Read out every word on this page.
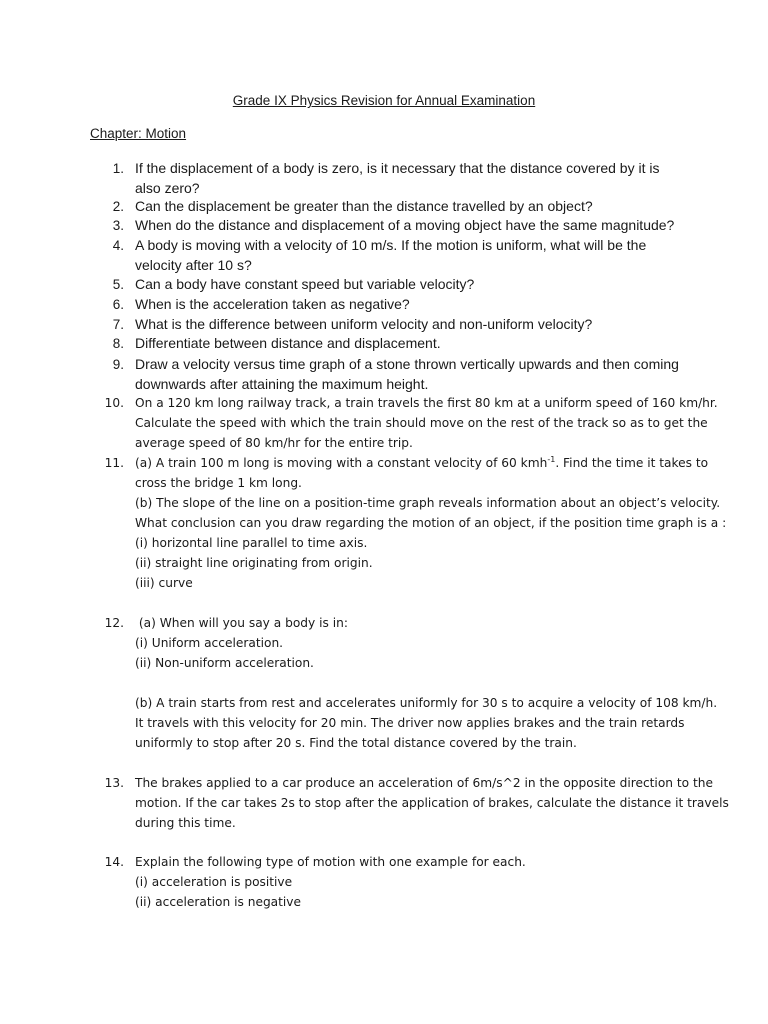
Grade IX Physics Revision for Annual Examination
Chapter: Motion
1. If the displacement of a body is zero, is it necessary that the distance covered by it is
also zero?
2. Can the displacement be greater than the distance travelled by an object?
3. When do the distance and displacement of a moving object have the same magnitude?
4. A body is moving with a velocity of 10 m/s. If the motion is uniform, what will be the
velocity after 10 s?
5. Can a body have constant speed but variable velocity?
6. When is the acceleration taken as negative?
7. What is the difference between uniform velocity and non-uniform velocity?
8. Differentiate between distance and displacement.
9. Draw a velocity versus time graph of a stone thrown vertically upwards and then coming
downwards after attaining the maximum height.
10. On a 120 km long railway track, a train travels the first 80 km at a uniform speed of 160 km/hr.
Calculate the speed with which the train should move on the rest of the track so as to get the
average speed of 80 km/hr for the entire trip.
11. (a) A train 100 m long is moving with a constant velocity of 60 kmh$^{-1}$. Find the time it takes to
cross the bridge 1 km long.
(b) The slope of the line on a position-time graph reveals information about an object’s velocity.
What conclusion can you draw regarding the motion of an object, if the position time graph is a :
(i) horizontal line parallel to time axis.
(ii) straight line originating from origin.
(iii) curve
12. (a) When will you say a body is in:
(i) Uniform acceleration.
(ii) Non-uniform acceleration.
(b) A train starts from rest and accelerates uniformly for 30 s to acquire a velocity of 108 km/h.
It travels with this velocity for 20 min. The driver now applies brakes and the train retards
uniformly to stop after 20 s. Find the total distance covered by the train.
13. The brakes applied to a car produce an acceleration of 6m/s^2 in the opposite direction to the
motion. If the car takes 2s to stop after the application of brakes, calculate the distance it travels
during this time.
14. Explain the following type of motion with one example for each.
(i) acceleration is positive
(ii) acceleration is negative
